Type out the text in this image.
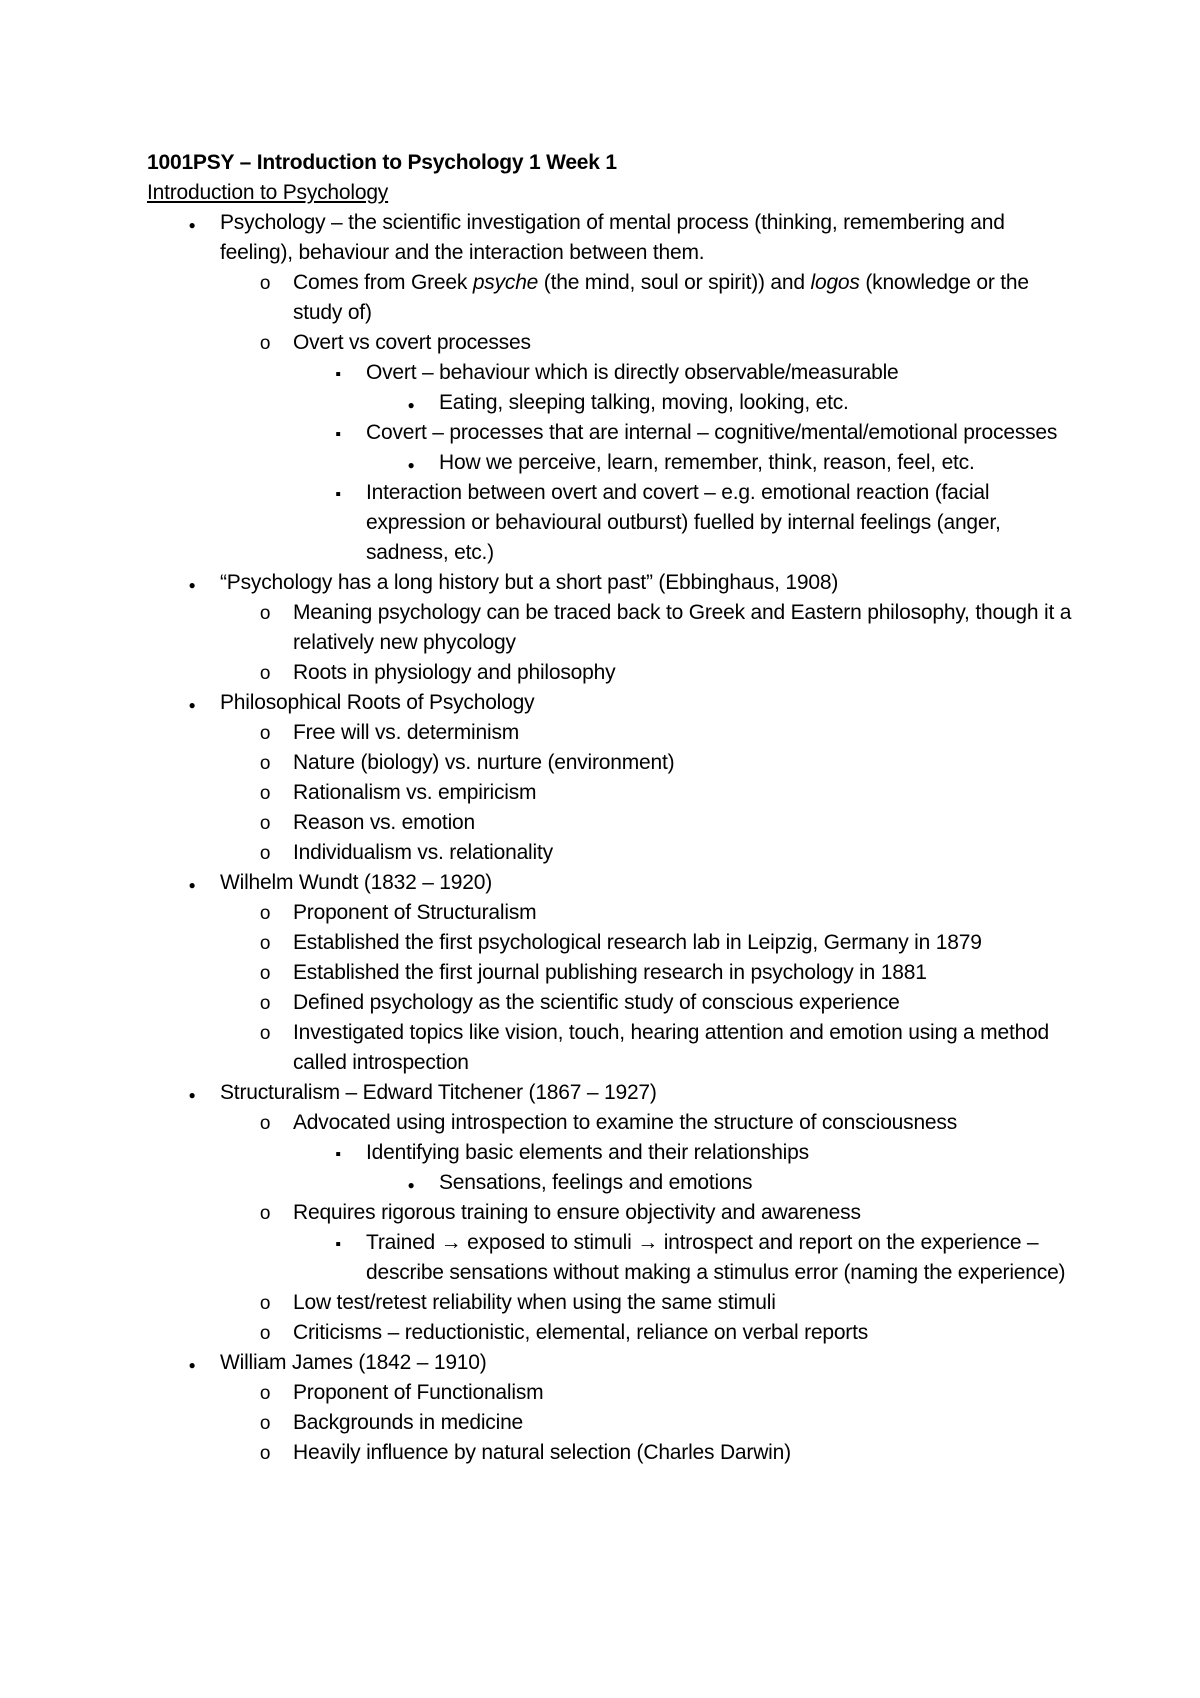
1001PSY – Introduction to Psychology 1 Week 1

Introduction to Psychology

●
Psychology – the scientific investigation of mental process (thinking, remembering and feeling), behaviour and the interaction between them.

o
Comes from Greek psyche (the mind, soul or spirit)) and logos (knowledge or the study of)

o
Overt vs covert processes

▪
Overt – behaviour which is directly observable/measurable

●
Eating, sleeping talking, moving, looking, etc.

▪
Covert – processes that are internal – cognitive/mental/emotional processes

●
How we perceive, learn, remember, think, reason, feel, etc.

▪
Interaction between overt and covert – e.g. emotional reaction (facial expression or behavioural outburst) fuelled by internal feelings (anger, sadness, etc.)

●
“Psychology has a long history but a short past” (Ebbinghaus, 1908)

o
Meaning psychology can be traced back to Greek and Eastern philosophy, though it a relatively new phycology

o
Roots in physiology and philosophy

●
Philosophical Roots of Psychology

o
Free will vs. determinism

o
Nature (biology) vs. nurture (environment)

o
Rationalism vs. empiricism

o
Reason vs. emotion

o
Individualism vs. relationality

●
Wilhelm Wundt (1832 – 1920)

o
Proponent of Structuralism

o
Established the first psychological research lab in Leipzig, Germany in 1879

o
Established the first journal publishing research in psychology in 1881

o
Defined psychology as the scientific study of conscious experience

o
Investigated topics like vision, touch, hearing attention and emotion using a method called introspection

●
Structuralism – Edward Titchener (1867 – 1927)

o
Advocated using introspection to examine the structure of consciousness

▪
Identifying basic elements and their relationships

●
Sensations, feelings and emotions

o
Requires rigorous training to ensure objectivity and awareness

▪
Trained → exposed to stimuli → introspect and report on the experience – describe sensations without making a stimulus error (naming the experience)

o
Low test/retest reliability when using the same stimuli

o
Criticisms – reductionistic, elemental, reliance on verbal reports

●
William James (1842 – 1910)

o
Proponent of Functionalism

o
Backgrounds in medicine

o
Heavily influence by natural selection (Charles Darwin)
